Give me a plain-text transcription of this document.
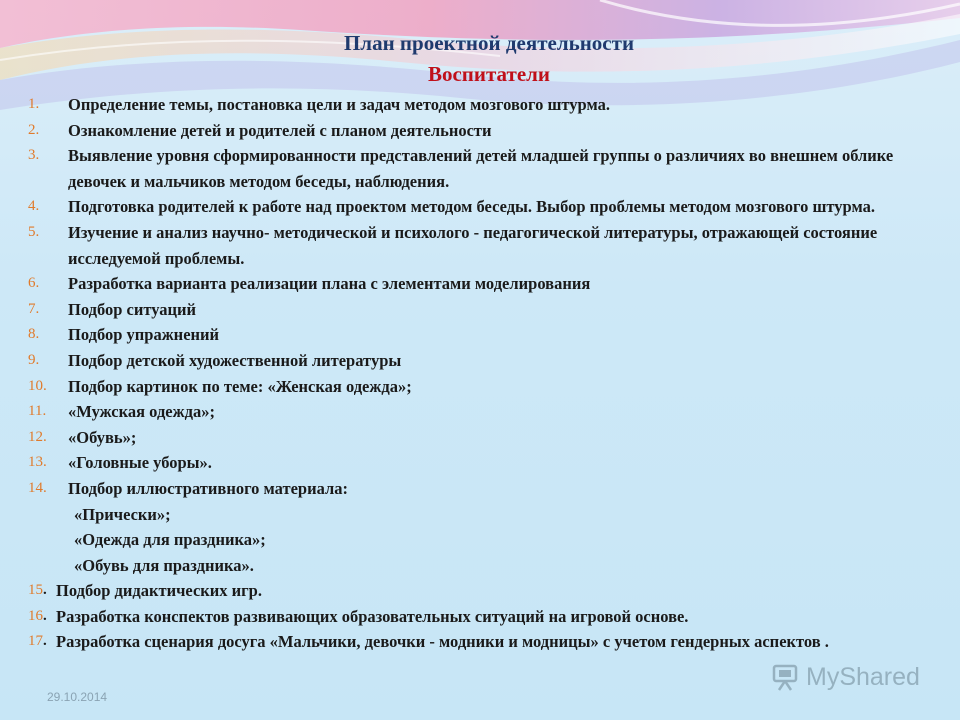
План проектной деятельности
Воспитатели
1.	Определение темы, постановка цели и задач методом мозгового штурма.
2.	Ознакомление детей и родителей с планом деятельности
3.	Выявление уровня сформированности представлений детей младшей группы о различиях во внешнем облике девочек и мальчиков методом беседы, наблюдения.
4.	Подготовка родителей к работе над проектом методом беседы. Выбор проблемы методом мозгового штурма.
5.	Изучение и анализ научно- методической и психолого - педагогической литературы, отражающей состояние исследуемой проблемы.
6.	Разработка варианта реализации плана с элементами моделирования
7.	Подбор ситуаций
8.	Подбор упражнений
9.	Подбор детской художественной литературы
10.	Подбор картинок по теме: «Женская одежда»;
11.	«Мужская одежда»;
12.	«Обувь»;
13.	«Головные уборы».
14.	Подбор иллюстративного материала:
«Прически»;
«Одежда для праздника»;
«Обувь для праздника».
15. Подбор дидактических игр.
16. Разработка конспектов развивающих образовательных ситуаций на игровой основе.
17. Разработка сценария досуга «Мальчики, девочки - модники и модницы» с учетом гендерных аспектов .
29.10.2014
MyShared
